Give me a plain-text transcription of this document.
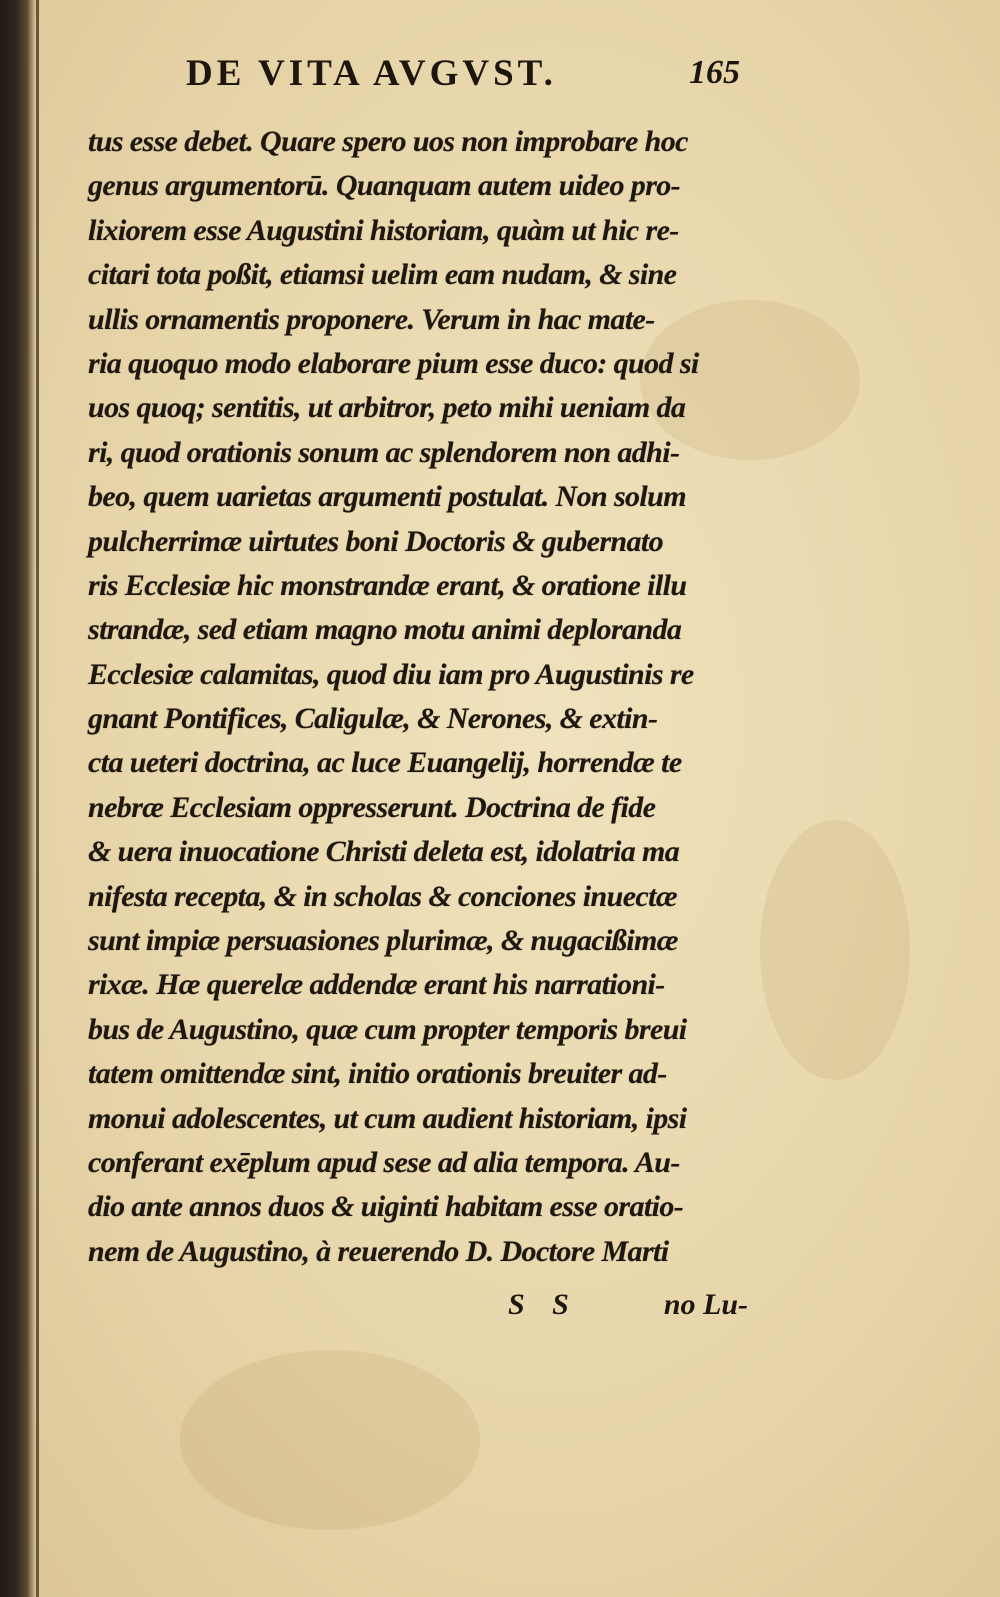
DE VITA AVGVST.	165
tus esse debet. Quare spero uos non improbare hoc
genus argumentorū. Quanquam autem uideo pro-
lixiorem esse Augustini historiam, quàm ut hic re-
citari tota poßit, etiamsi uelim eam nudam, & sine
ullis ornamentis proponere. Verum in hac mate-
ria quoquo modo elaborare pium esse duco: quod si
uos quoq; sentitis, ut arbitror, peto mihi ueniam da
ri, quod orationis sonum ac splendorem non adhi-
beo, quem uarietas argumenti postulat. Non solum
pulcherrimæ uirtutes boni Doctoris & gubernato
ris Ecclesiæ hic monstrandæ erant, & oratione illu
strandæ, sed etiam magno motu animi deploranda
Ecclesiæ calamitas, quod diu iam pro Augustinis re
gnant Pontifices, Caligulæ, & Nerones, & extin-
cta ueteri doctrina, ac luce Euangelij, horrendæ te
nebræ Ecclesiam oppresserunt. Doctrina de fide
& uera inuocatione Christi deleta est, idolatria ma
nifesta recepta, & in scholas & conciones inuectæ
sunt impiæ persuasiones plurimæ, & nugacißimæ
rixæ. Hæ querelæ addendæ erant his narrationi-
bus de Augustino, quæ cum propter temporis breui
tatem omittendæ sint, initio orationis breuiter ad-
monui adolescentes, ut cum audient historiam, ipsi
conferant exēplum apud sese ad alia tempora. Au-
dio ante annos duos & uiginti habitam esse oratio-
nem de Augustino, à reuerendo D. Doctore Marti
S S	no Lu-
